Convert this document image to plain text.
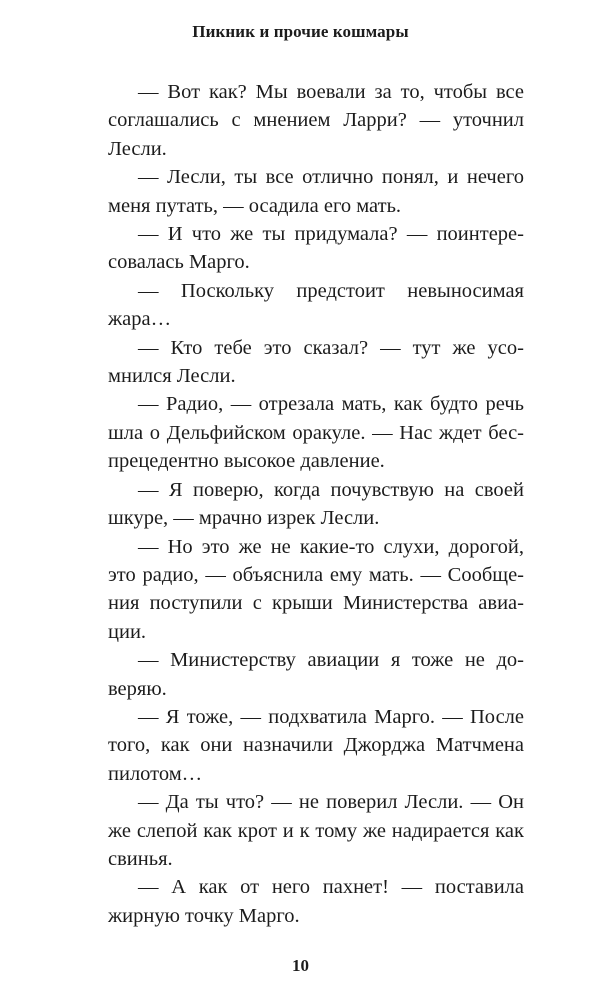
Пикник и прочие кошмары

— Вот как? Мы воевали за то, чтобы все соглашались с мнением Ларри? — уточнил Лесли.

— Лесли, ты все отлично понял, и нечего меня путать, — осадила его мать.

— И что же ты придумала? — поинтересовалась Марго.

— Поскольку предстоит невыносимая жара…

— Кто тебе это сказал? — тут же усомнился Лесли.

— Радио, — отрезала мать, как будто речь шла о Дельфийском оракуле. — Нас ждет беспрецедентно высокое давление.

— Я поверю, когда почувствую на своей шкуре, — мрачно изрек Лесли.

— Но это же не какие-то слухи, дорогой, это радио, — объяснила ему мать. — Сообщения поступили с крыши Министерства авиации.

— Министерству авиации я тоже не доверяю.

— Я тоже, — подхватила Марго. — После того, как они назначили Джорджа Матчмена пилотом…

— Да ты что? — не поверил Лесли. — Он же слепой как крот и к тому же надирается как свинья.

— А как от него пахнет! — поставила жирную точку Марго.

10
